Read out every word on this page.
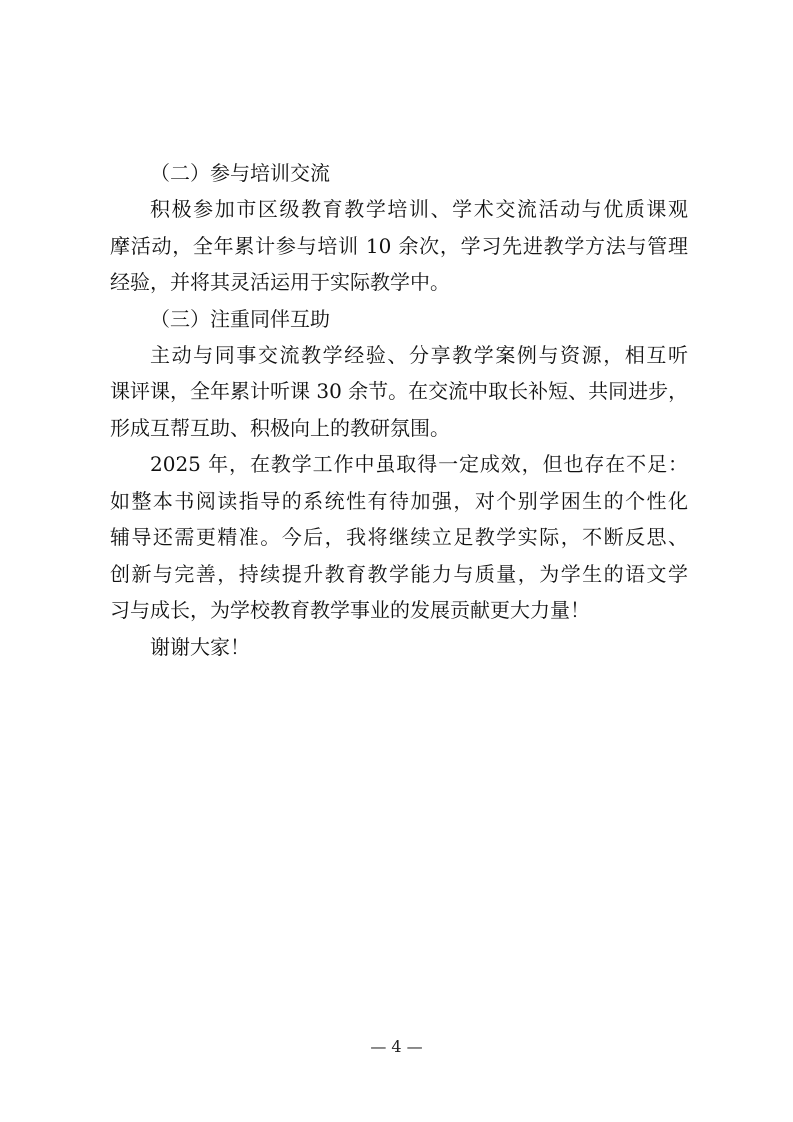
（二）参与培训交流
积极参加市区级教育教学培训、学术交流活动与优质课观
摩活动，全年累计参与培训 10 余次，学习先进教学方法与管理
经验，并将其灵活运用于实际教学中。
（三）注重同伴互助
主动与同事交流教学经验、分享教学案例与资源，相互听
课评课，全年累计听课 30 余节。在交流中取长补短、共同进步，
形成互帮互助、积极向上的教研氛围。
2025 年，在教学工作中虽取得一定成效，但也存在不足：
如整本书阅读指导的系统性有待加强，对个别学困生的个性化
辅导还需更精准。今后，我将继续立足教学实际，不断反思、
创新与完善，持续提升教育教学能力与质量，为学生的语文学
习与成长，为学校教育教学事业的发展贡献更大力量！
谢谢大家！
— 4 —
